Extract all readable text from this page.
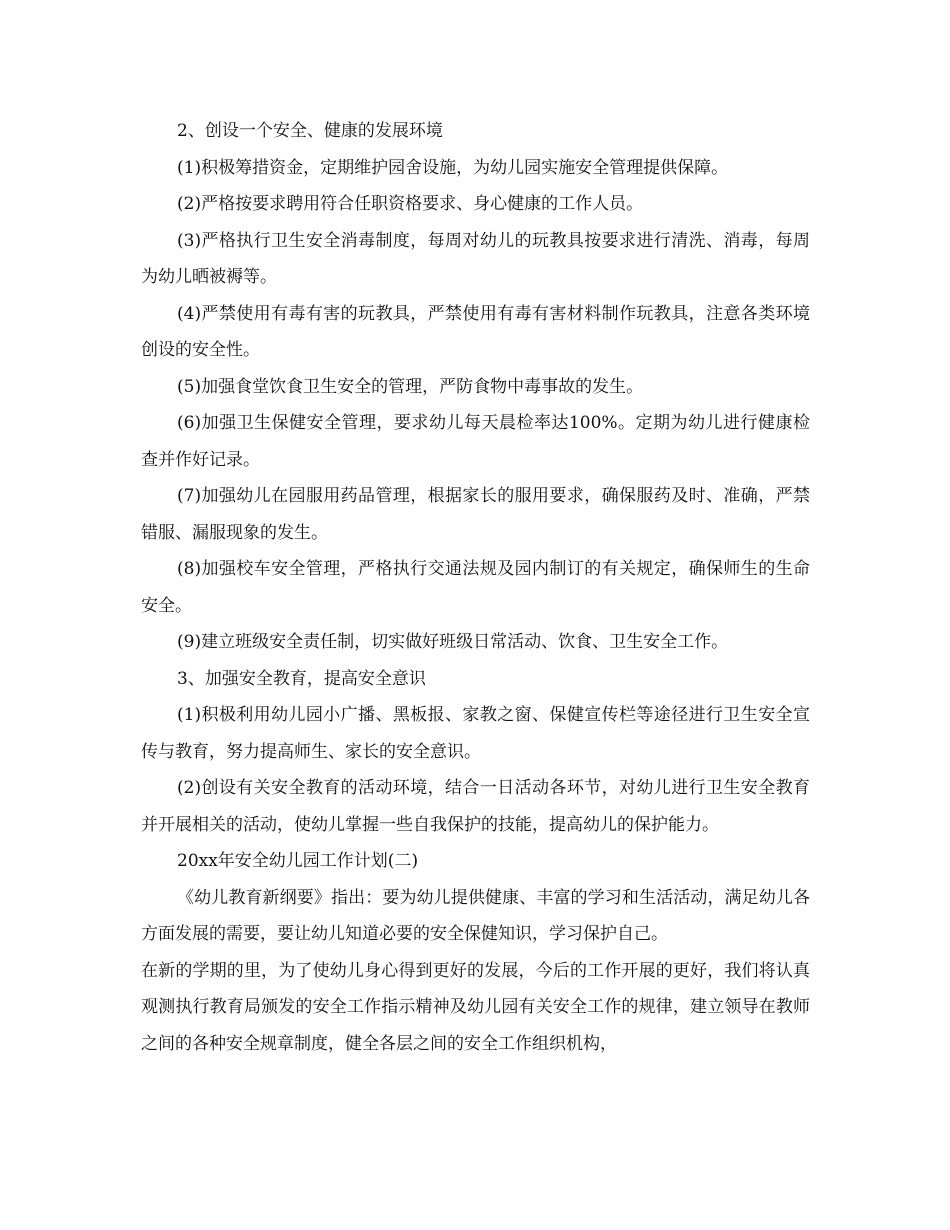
2、创设一个安全、健康的发展环境

(1)积极筹措资金，定期维护园舍设施，为幼儿园实施安全管理提供保障。

(2)严格按要求聘用符合任职资格要求、身心健康的工作人员。

(3)严格执行卫生安全消毒制度，每周对幼儿的玩教具按要求进行清洗、消毒，每周为幼儿晒被褥等。

(4)严禁使用有毒有害的玩教具，严禁使用有毒有害材料制作玩教具，注意各类环境创设的安全性。

(5)加强食堂饮食卫生安全的管理，严防食物中毒事故的发生。

(6)加强卫生保健安全管理，要求幼儿每天晨检率达100%。定期为幼儿进行健康检查并作好记录。

(7)加强幼儿在园服用药品管理，根据家长的服用要求，确保服药及时、准确，严禁错服、漏服现象的发生。

(8)加强校车安全管理，严格执行交通法规及园内制订的有关规定，确保师生的生命安全。

(9)建立班级安全责任制，切实做好班级日常活动、饮食、卫生安全工作。

3、加强安全教育，提高安全意识

(1)积极利用幼儿园小广播、黑板报、家教之窗、保健宣传栏等途径进行卫生安全宣传与教育，努力提高师生、家长的安全意识。

(2)创设有关安全教育的活动环境，结合一日活动各环节，对幼儿进行卫生安全教育并开展相关的活动，使幼儿掌握一些自我保护的技能，提高幼儿的保护能力。

20xx年安全幼儿园工作计划(二)

《幼儿教育新纲要》指出：要为幼儿提供健康、丰富的学习和生活活动，满足幼儿各方面发展的需要，要让幼儿知道必要的安全保健知识，学习保护自己。

在新的学期的里，为了使幼儿身心得到更好的发展，今后的工作开展的更好，我们将认真观测执行教育局颁发的安全工作指示精神及幼儿园有关安全工作的规律，建立领导在教师之间的各种安全规章制度，健全各层之间的安全工作组织机构，
